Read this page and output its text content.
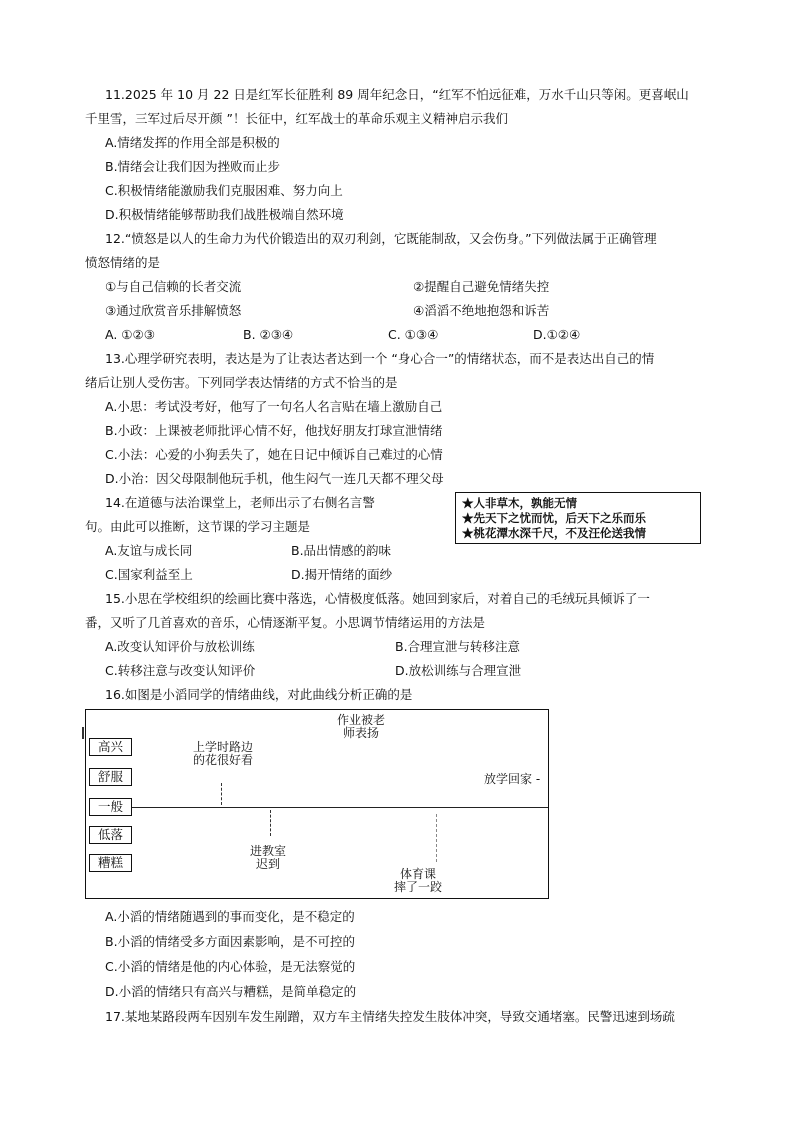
11.2025 年 10 月 22 日是红军长征胜利 89 周年纪念日，“红军不怕远征难，万水千山只等闲。更喜岷山
千里雪，三军过后尽开颜 ”！长征中，红军战士的革命乐观主义精神启示我们
A.情绪发挥的作用全部是积极的
B.情绪会让我们因为挫败而止步
C.积极情绪能激励我们克服困难、努力向上
D.积极情绪能够帮助我们战胜极端自然环境
12.“愤怒是以人的生命力为代价锻造出的双刃利剑，它既能制敌，又会伤身。”下列做法属于正确管理
愤怒情绪的是
①与自己信赖的长者交流	②提醒自己避免情绪失控
③通过欣赏音乐排解愤怒	④滔滔不绝地抱怨和诉苦
A. ①②③	B. ②③④	C. ①③④	D.①②④
13.心理学研究表明，表达是为了让表达者达到一个 “身心合一”的情绪状态，而不是表达出自己的情
绪后让别人受伤害。下列同学表达情绪的方式不恰当的是
A.小思：考试没考好，他写了一句名人名言贴在墙上激励自己
B.小政：上课被老师批评心情不好，他找好朋友打球宣泄情绪
C.小法：心爱的小狗丢失了，她在日记中倾诉自己难过的心情
D.小治：因父母限制他玩手机，他生闷气一连几天都不理父母
14.在道德与法治课堂上，老师出示了右侧名言警
句。由此可以推断，这节课的学习主题是
★人非草木，孰能无情
★先天下之忧而忧，后天下之乐而乐
★桃花潭水深千尺，不及汪伦送我情
A.友谊与成长同	B.品出情感的韵味
C.国家利益至上	D.揭开情绪的面纱
15.小思在学校组织的绘画比赛中落选，心情极度低落。她回到家后，对着自己的毛绒玩具倾诉了一
番，又听了几首喜欢的音乐，心情逐渐平复。小思调节情绪运用的方法是
A.改变认知评价与放松训练	B.合理宣泄与转移注意
C.转移注意与改变认知评价	D.放松训练与合理宣泄
16.如图是小滔同学的情绪曲线，对此曲线分析正确的是
高兴
舒服
一般
低落
糟糕
作业被老
师表扬
上学时路边
的花很好看
放学回家 -
进教室
迟到
体育课
摔了一跤
A.小滔的情绪随遇到的事而变化，是不稳定的
B.小滔的情绪受多方面因素影响，是不可控的
C.小滔的情绪是他的内心体验，是无法察觉的
D.小滔的情绪只有高兴与糟糕，是简单稳定的
17.某地某路段两车因别车发生剐蹭，双方车主情绪失控发生肢体冲突，导致交通堵塞。民警迅速到场疏
